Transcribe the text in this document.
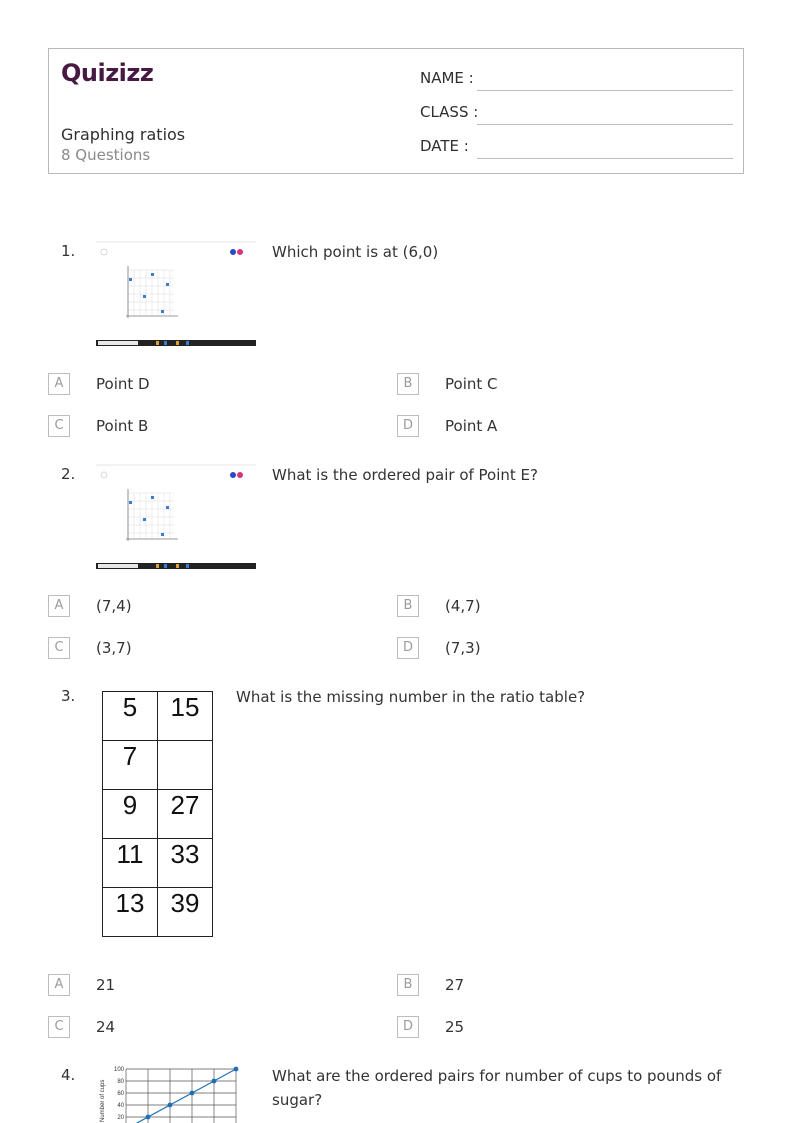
Quizizz
Graphing ratios
8 Questions
NAME :
CLASS :
DATE :
1.	Which point is at (6,0)
A	Point D	B	Point C
C	Point B	D	Point A
2.	What is the ordered pair of Point E?
A	(7,4)	B	(4,7)
C	(3,7)	D	(7,3)
3. 5	15
7	
9	27
11	33
13	39
What is the missing number in the ratio table?
A	21	B	27
C	24	D	25
4.
Number of cups
100
80
60
40
20
What are the ordered pairs for number of cups to pounds of sugar?
